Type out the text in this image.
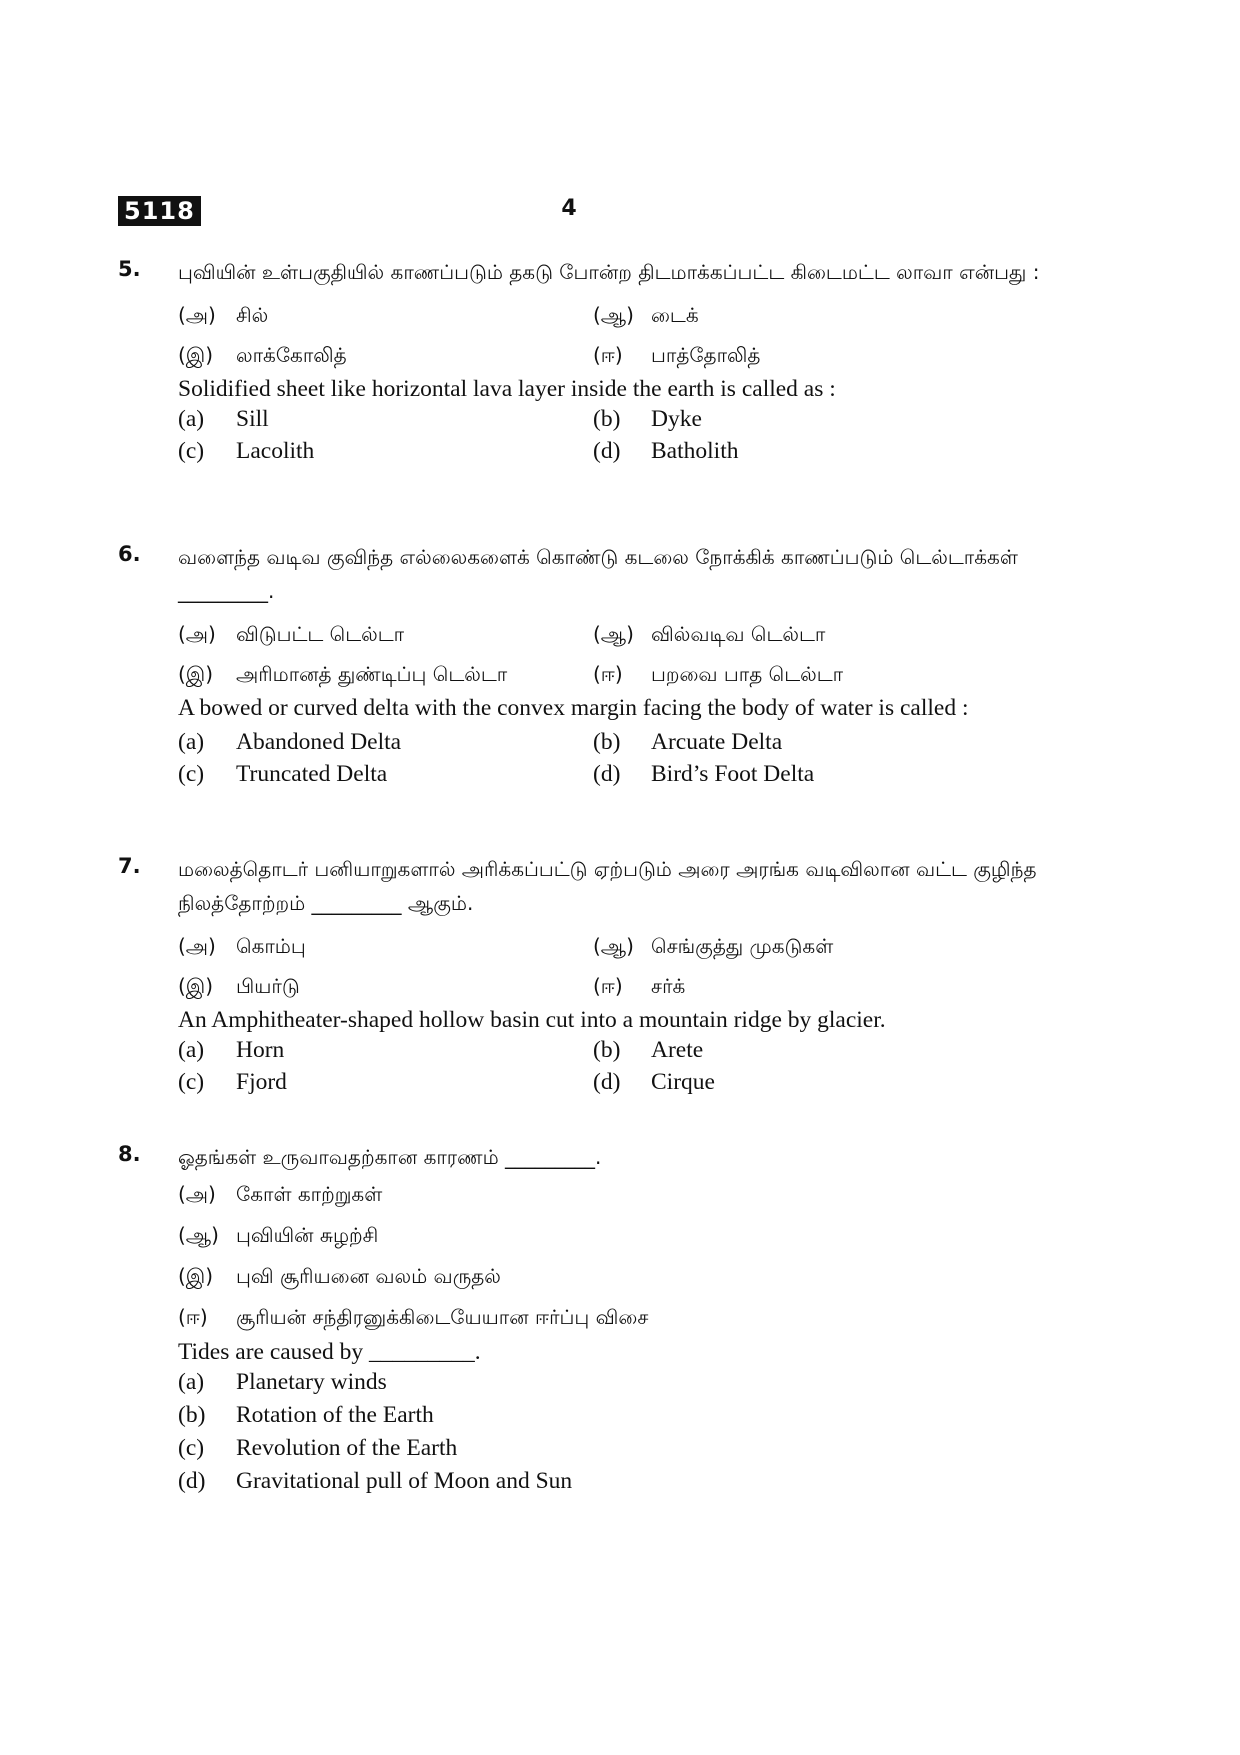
5118	4
5. புவியின் உள்பகுதியில் காணப்படும் தகடு போன்ற திடமாக்கப்பட்ட கிடைமட்ட லாவா என்பது :

(அ)	சில்	(ஆ) டைக்
(இ)	லாக்கோலித்	(ஈ)	பாத்தோலித்

Solidified sheet like horizontal lava layer inside the earth is called as :

(a)	Sill	(b)	Dyke
(c)	Lacolith	(d)	Batholith
6. வளைந்த வடிவ குவிந்த எல்லைகளைக் கொண்டு கடலை நோக்கிக் காணப்படும் டெல்டாக்கள் _________.

(அ)	விடுபட்ட டெல்டா	(ஆ) வில்வடிவ டெல்டா
(இ)	அரிமானத் துண்டிப்பு டெல்டா	(ஈ)	பறவை பாத டெல்டா

A bowed or curved delta with the convex margin facing the body of water is called :

(a)	Abandoned Delta	(b)	Arcuate Delta
(c)	Truncated Delta	(d)	Bird’s Foot Delta
7. மலைத்தொடர் பனியாறுகளால் அரிக்கப்பட்டு ஏற்படும் அரை அரங்க வடிவிலான வட்ட குழிந்த நிலத்தோற்றம் _________ ஆகும்.

(அ)	கொம்பு	(ஆ) செங்குத்து முகடுகள்
(இ)	பியர்டு	(ஈ)	சர்க்

An Amphitheater-shaped hollow basin cut into a mountain ridge by glacier.

(a)	Horn	(b)	Arete
(c)	Fjord	(d)	Cirque
8. ஓதங்கள் உருவாவதற்கான காரணம் _________.

(அ)	கோள் காற்றுகள்
(ஆ) புவியின் சுழற்சி
(இ)	புவி சூரியனை வலம் வருதல்
(ஈ)	சூரியன் சந்திரனுக்கிடையேயான ஈர்ப்பு விசை

Tides are caused by _________.

(a)	Planetary winds
(b)	Rotation of the Earth
(c)	Revolution of the Earth
(d)	Gravitational pull of Moon and Sun
